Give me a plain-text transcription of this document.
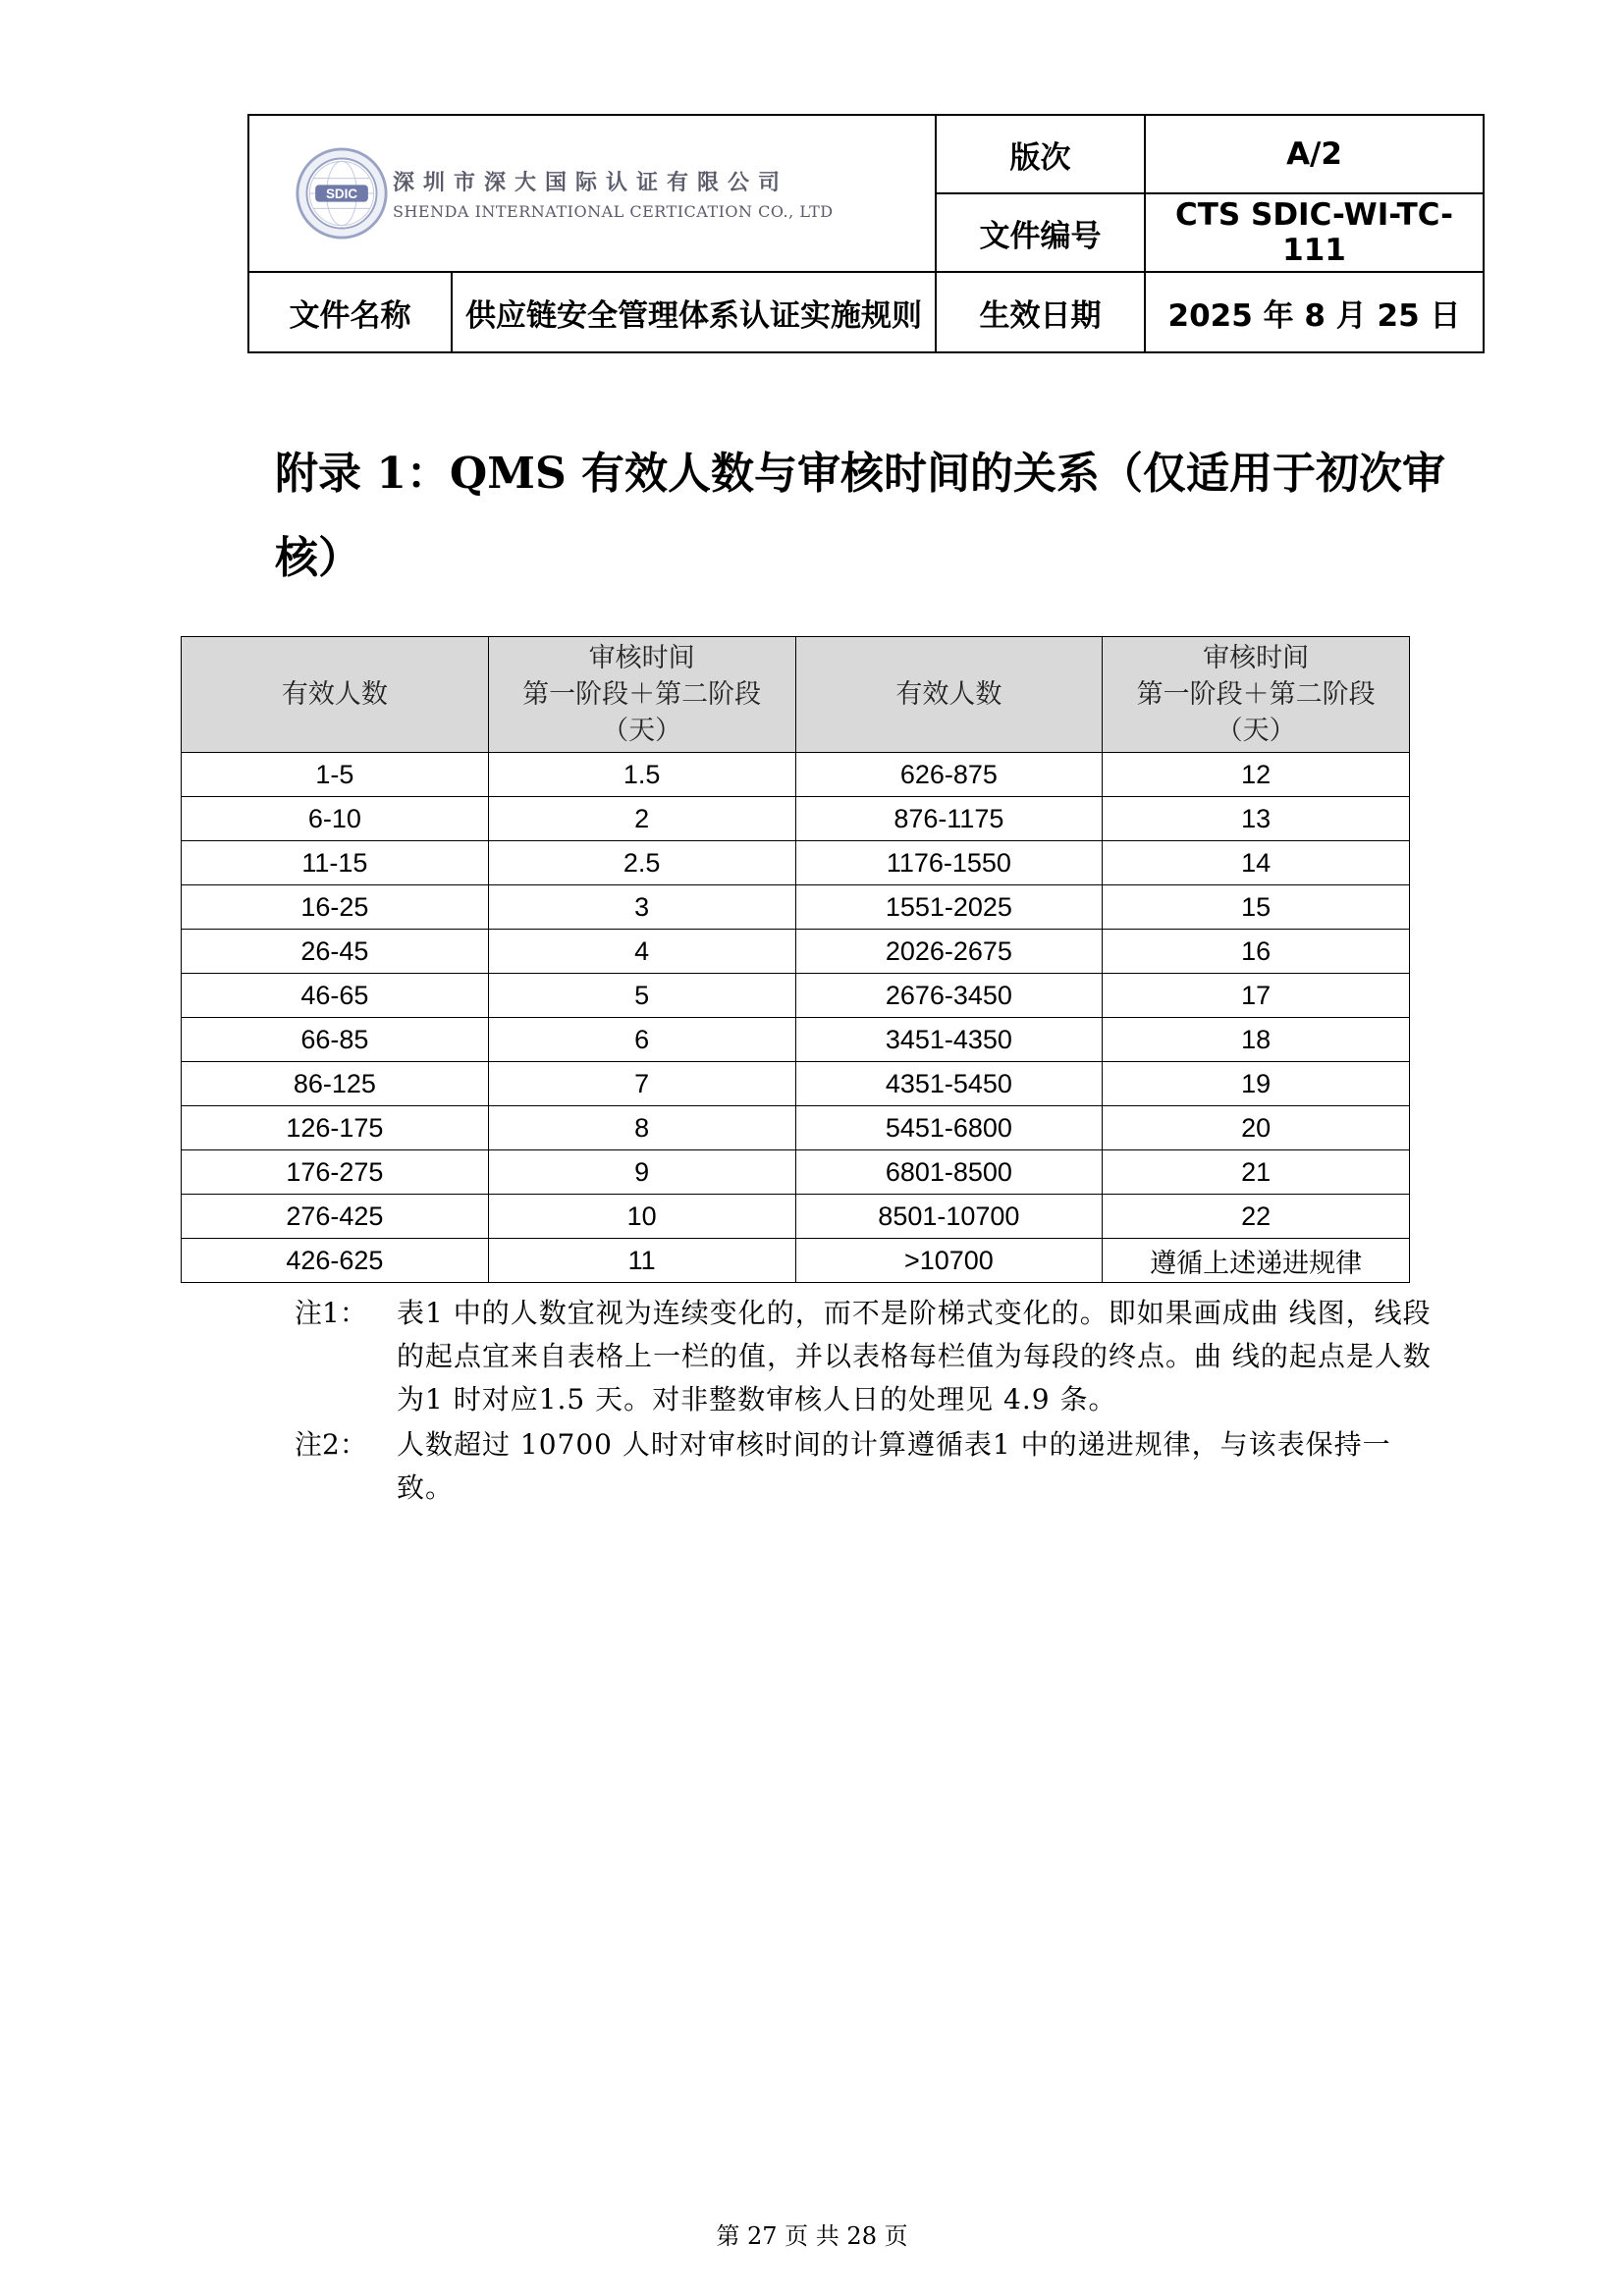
SDIC 深圳市深大国际认证有限公司
SHENDA INTERNATIONAL CERTICATION CO., LTD		版次	A/2
		文件编号	CTS SDIC-WI-TC-111
文件名称	供应链安全管理体系认证实施规则	生效日期	2025 年 8 月 25 日
附录 1：QMS 有效人数与审核时间的关系（仅适用于初次审核）
有效人数	审核时间
第一阶段＋第二阶段
（天）	有效人数	审核时间
第一阶段＋第二阶段
（天）

1-5	1.5	626-875	12
6-10	2	876-1175	13
11-15	2.5	1176-1550	14
16-25	3	1551-2025	15
26-45	4	2026-2675	16
46-65	5	2676-3450	17
66-85	6	3451-4350	18
86-125	7	4351-5450	19
126-175	8	5451-6800	20
176-275	9	6801-8500	21
276-425	10	8501-10700	22
426-625	11	>10700	遵循上述递进规律
注1： 表1 中的人数宜视为连续变化的，而不是阶梯式变化的。即如果画成曲 线图，线段的起点宜来自表格上一栏的值，并以表格每栏值为每段的终点。曲 线的起点是人数为1 时对应1.5 天。对非整数审核人日的处理见 4.9 条。
注2： 人数超过 10700 人时对审核时间的计算遵循表1 中的递进规律，与该表保持一致。
第 27 页 共 28 页
